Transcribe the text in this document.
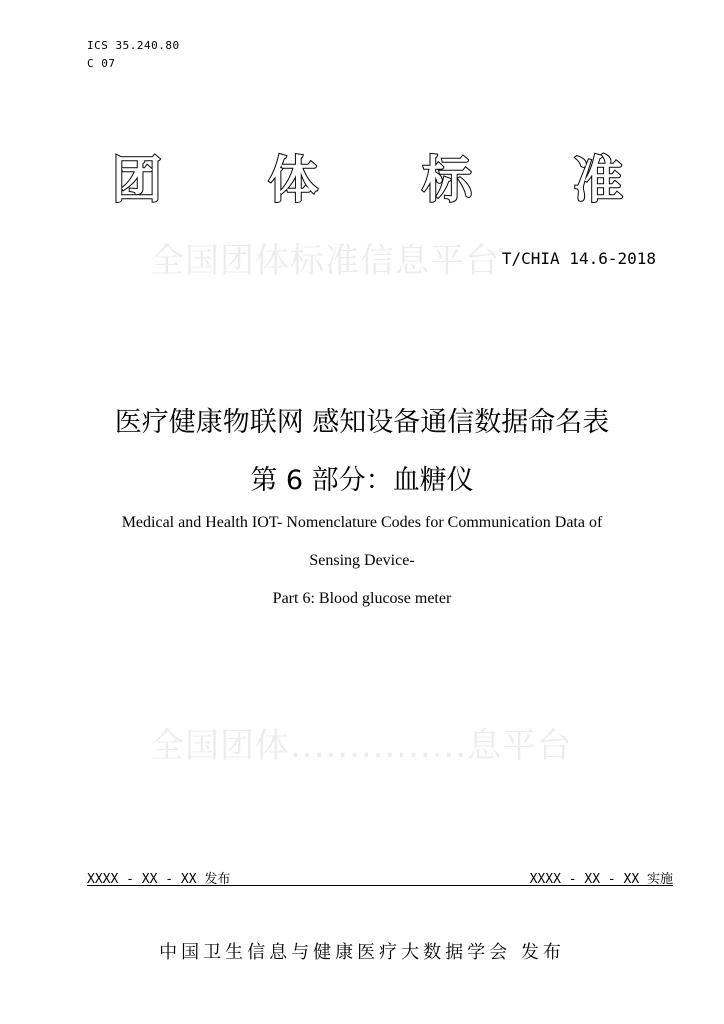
ICS 35.240.80
C 07
团 体 标 准
全国团体标准信息平台 T/CHIA 14.6-2018
医疗健康物联网 感知设备通信数据命名表
第 6 部分：血糖仪
Medical and Health IOT- Nomenclature Codes for Communication Data of
Sensing Device-
Part 6: Blood glucose meter
全国团体...............息平台
XXXX - XX - XX 发布	XXXX - XX - XX 实施
中国卫生信息与健康医疗大数据学会 发布
